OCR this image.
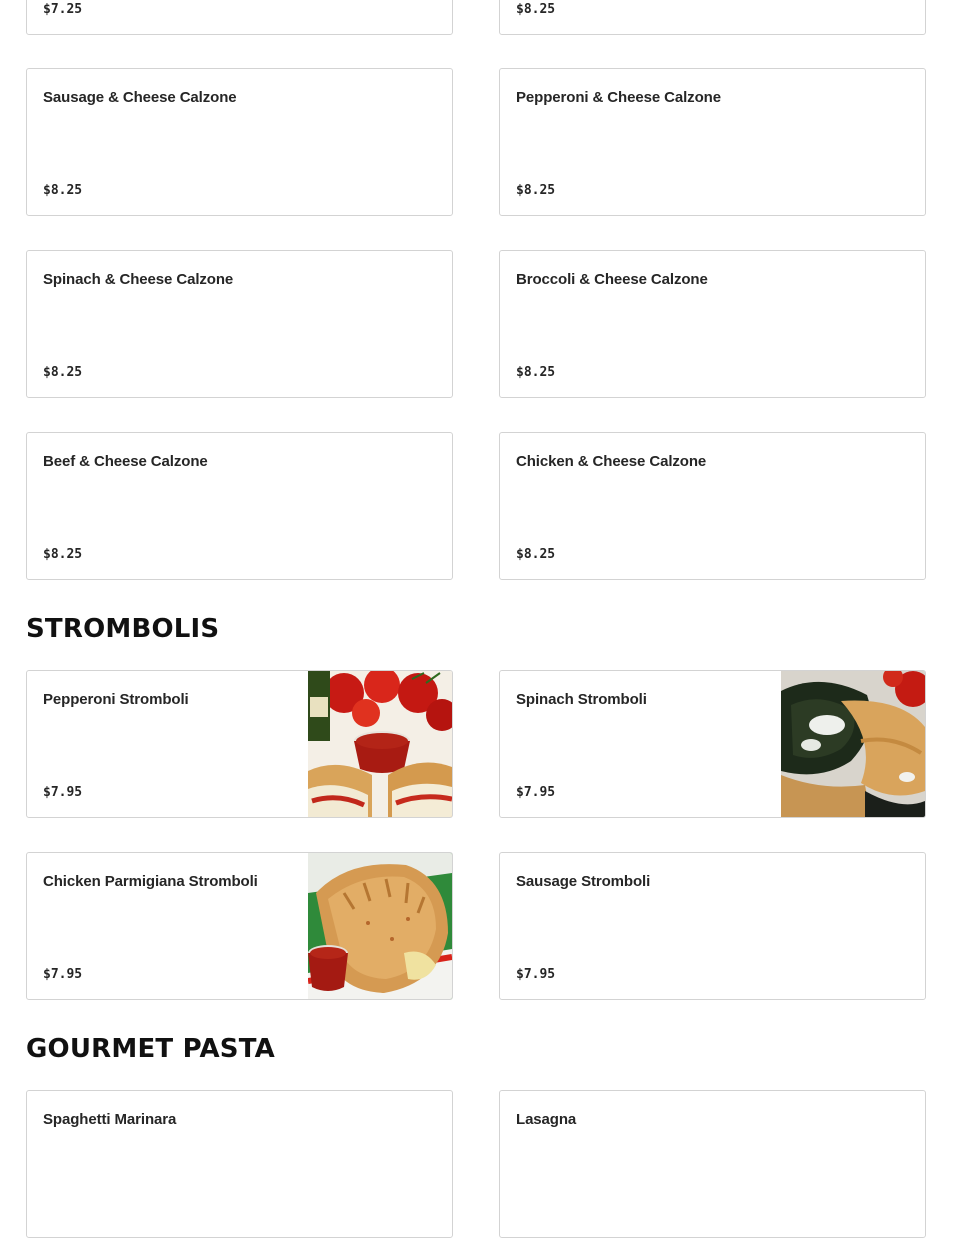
$7.25	$8.25
Sausage & Cheese Calzone
$8.25
Pepperoni & Cheese Calzone
$8.25
Spinach & Cheese Calzone
$8.25
Broccoli & Cheese Calzone
$8.25
Beef & Cheese Calzone
$8.25
Chicken & Cheese Calzone
$8.25
STROMBOLIS
Pepperoni Stromboli
$7.95
Spinach Stromboli
$7.95
Chicken Parmigiana Stromboli
$7.95
Sausage Stromboli
$7.95
GOURMET PASTA
Spaghetti Marinara	Lasagna
